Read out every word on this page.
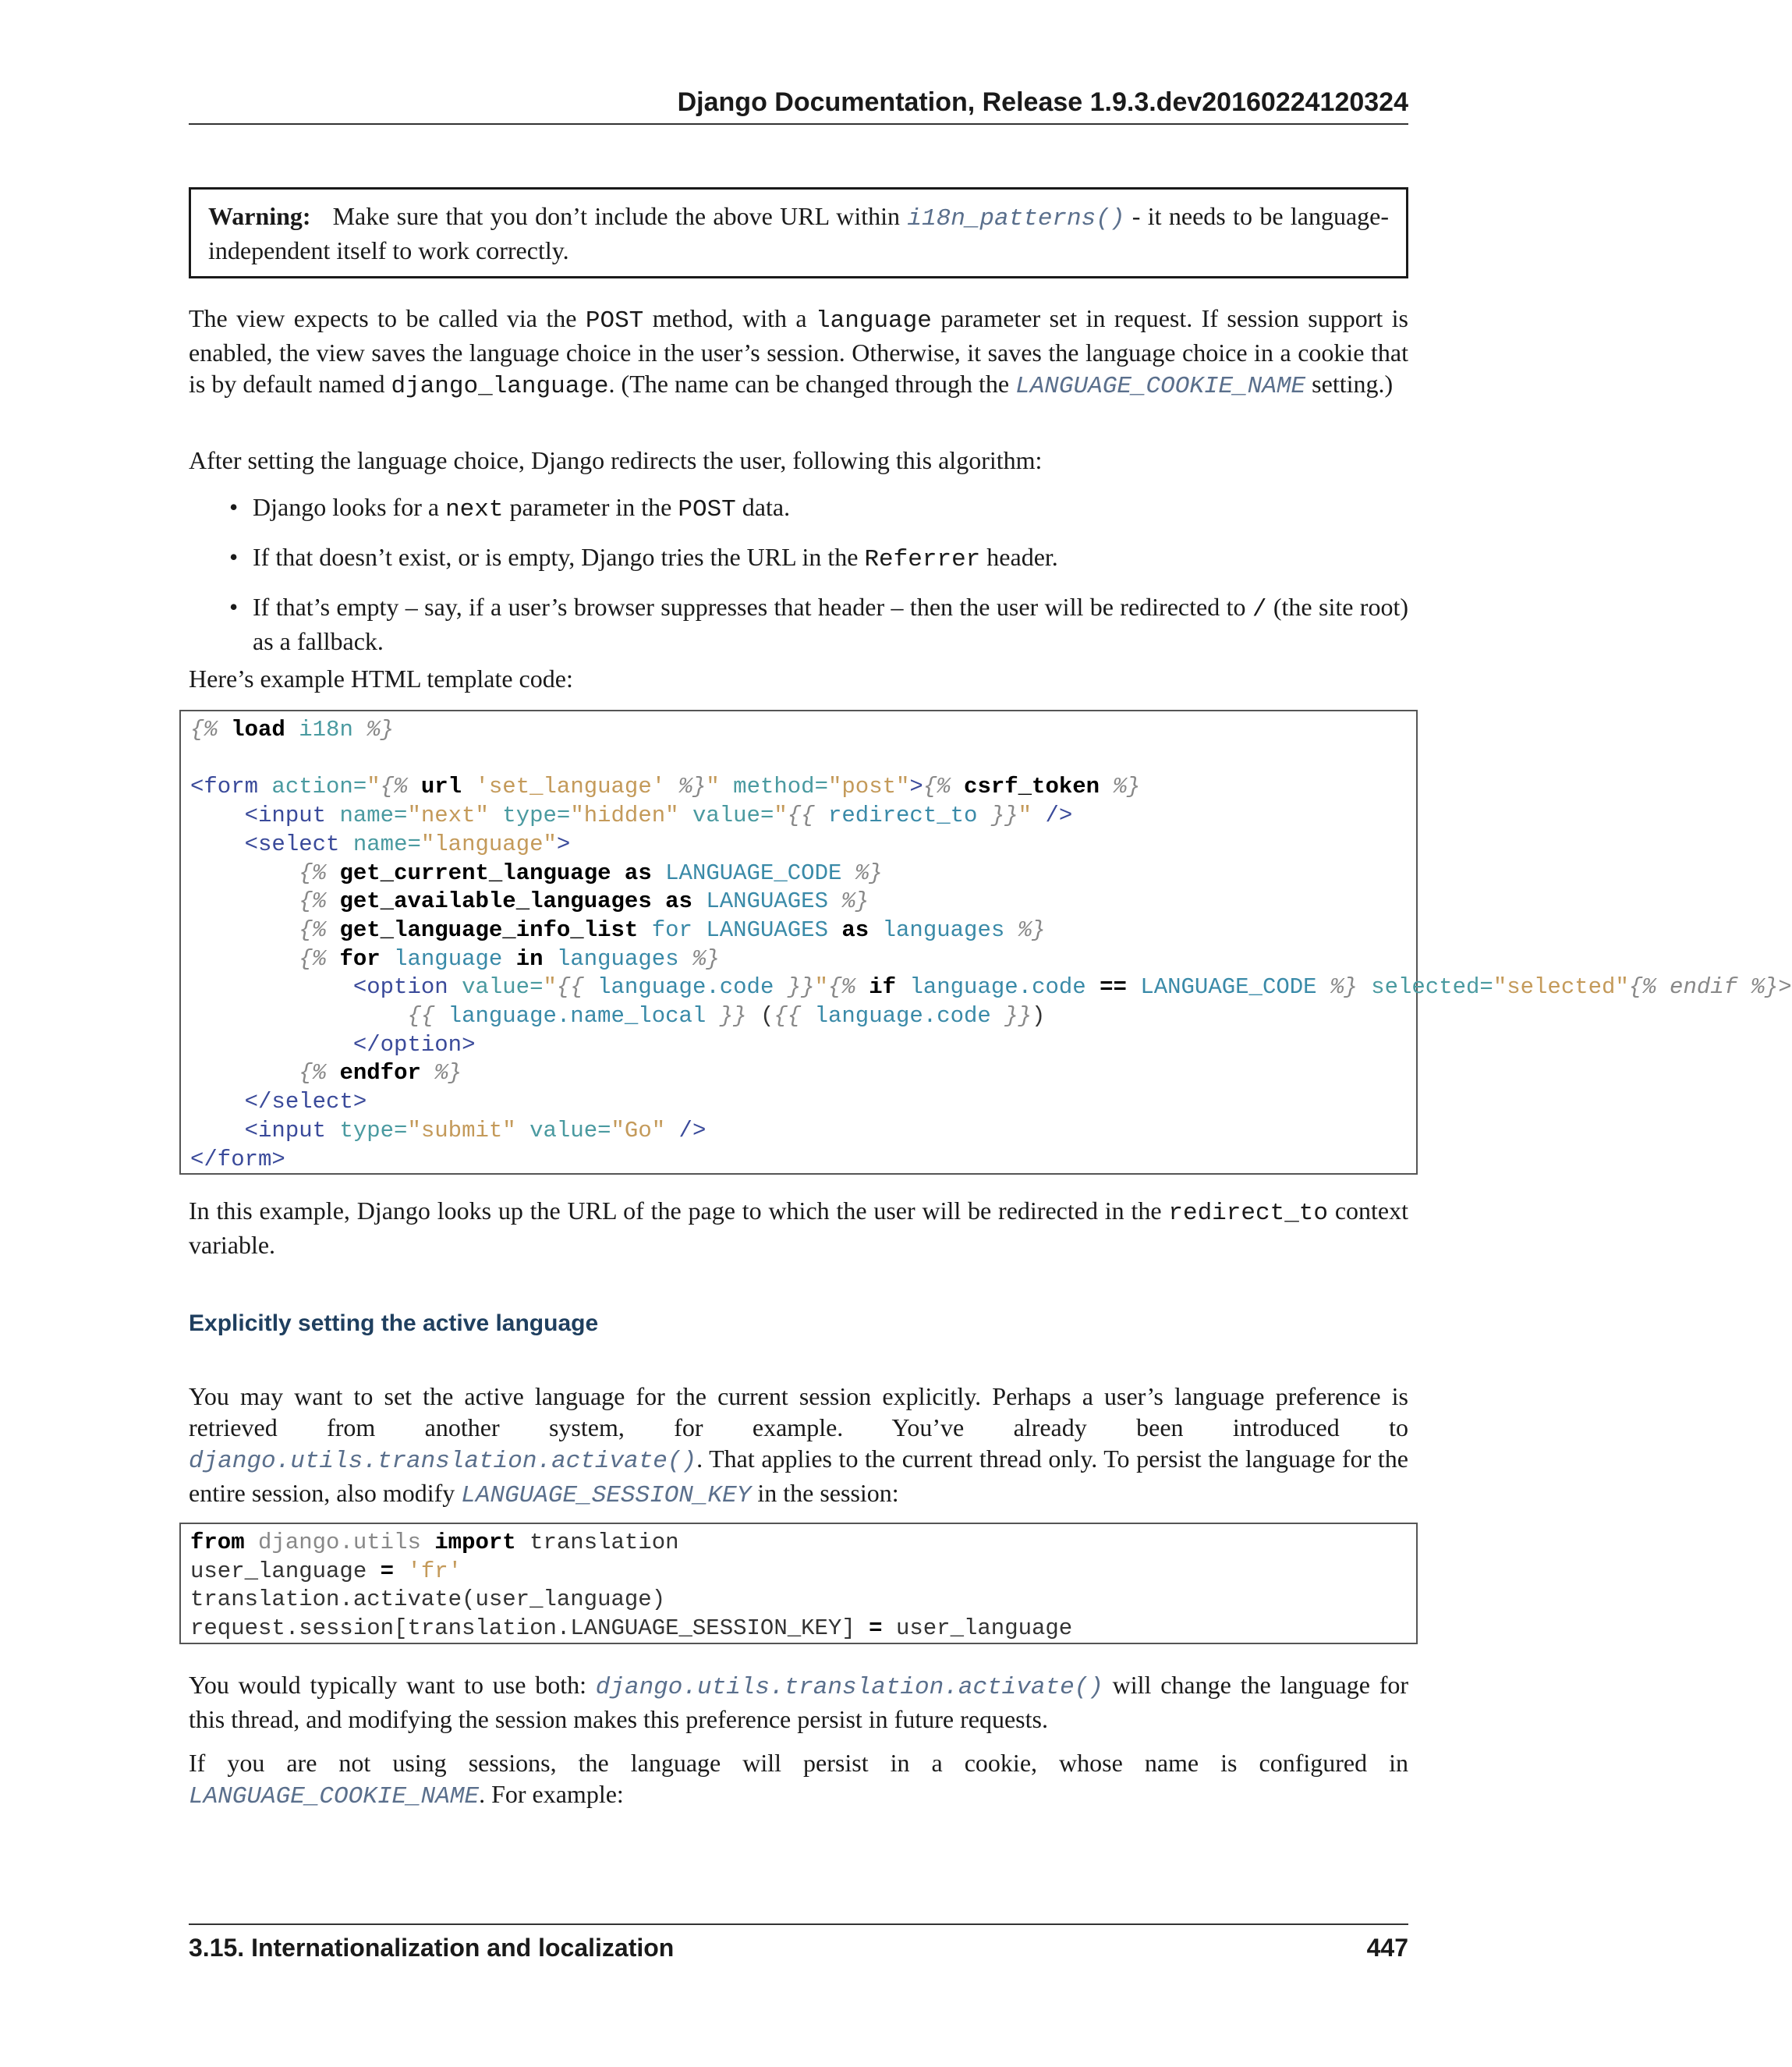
Django Documentation, Release 1.9.3.dev20160224120324
Warning: Make sure that you don’t include the above URL within i18n_patterns() - it needs to be language-independent itself to work correctly.

The view expects to be called via the POST method, with a language parameter set in request. If session support is enabled, the view saves the language choice in the user’s session. Otherwise, it saves the language choice in a cookie that is by default named django_language. (The name can be changed through the LANGUAGE_COOKIE_NAME setting.)

After setting the language choice, Django redirects the user, following this algorithm:

• Django looks for a next parameter in the POST data.
• If that doesn’t exist, or is empty, Django tries the URL in the Referrer header.
• If that’s empty – say, if a user’s browser suppresses that header – then the user will be redirected to / (the site root) as a fallback.

Here’s example HTML template code:

{% load i18n %}

<form action="{% url 'set_language' %}" method="post">{% csrf_token %}
<input name="next" type="hidden" value="{{ redirect_to }}" />
<select name="language">
{% get_current_language as LANGUAGE_CODE %}
{% get_available_languages as LANGUAGES %}
{% get_language_info_list for LANGUAGES as languages %}
{% for language in languages %}
<option value="{{ language.code }}"{% if language.code == LANGUAGE_CODE %} selected="selected"{% endif %}>
{{ language.name_local }} ({{ language.code }})
</option>
{% endfor %}
</select>
<input type="submit" value="Go" />
</form>

In this example, Django looks up the URL of the page to which the user will be redirected in the redirect_to context variable.

Explicitly setting the active language

You may want to set the active language for the current session explicitly. Perhaps a user’s language preference is retrieved from another system, for example. You’ve already been introduced to django.utils.translation.activate(). That applies to the current thread only. To persist the language for the entire session, also modify LANGUAGE_SESSION_KEY in the session:

from django.utils import translation
user_language = 'fr'
translation.activate(user_language)
request.session[translation.LANGUAGE_SESSION_KEY] = user_language

You would typically want to use both: django.utils.translation.activate() will change the language for this thread, and modifying the session makes this preference persist in future requests.

If you are not using sessions, the language will persist in a cookie, whose name is configured in LANGUAGE_COOKIE_NAME. For example:

3.15. Internationalization and localization	447
